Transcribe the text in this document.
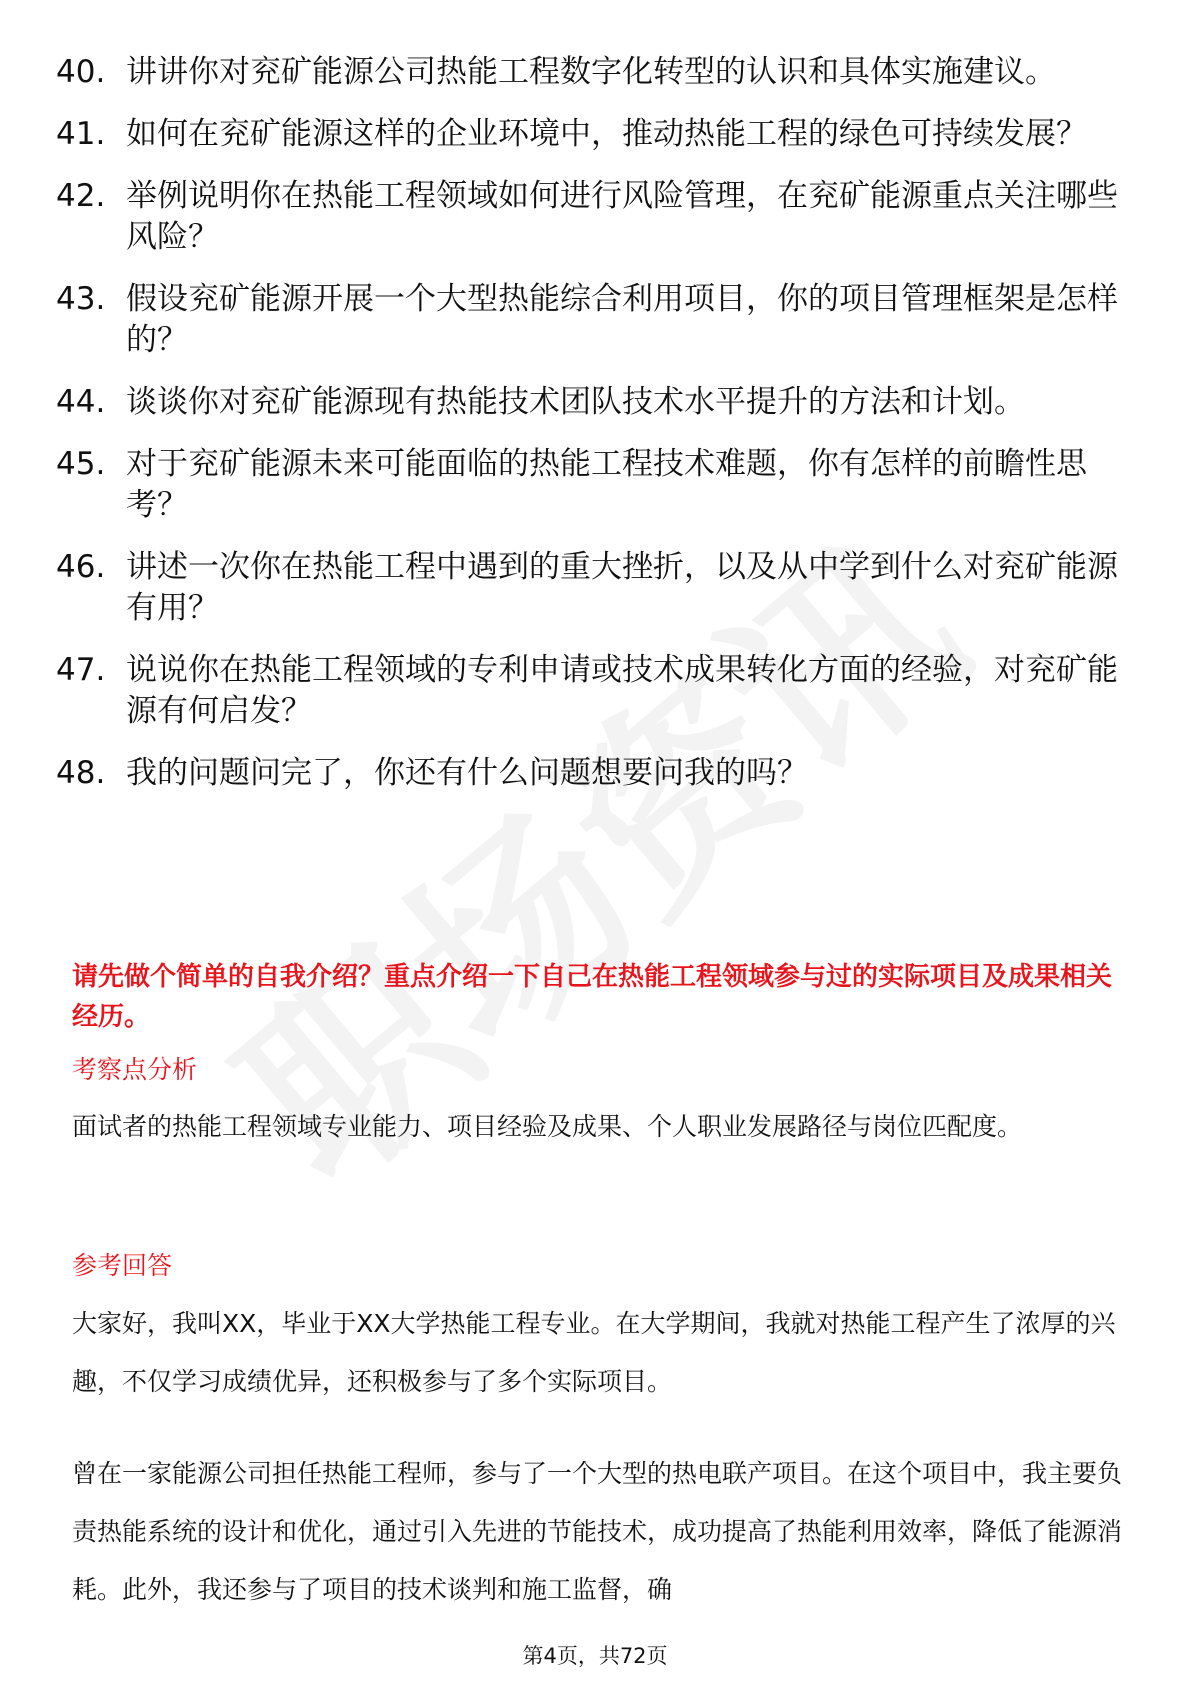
40. 讲讲你对兖矿能源公司热能工程数字化转型的认识和具体实施建议。
41. 如何在兖矿能源这样的企业环境中，推动热能工程的绿色可持续发展？
42. 举例说明你在热能工程领域如何进行风险管理，在兖矿能源重点关注哪些风险？
43. 假设兖矿能源开展一个大型热能综合利用项目，你的项目管理框架是怎样的？
44. 谈谈你对兖矿能源现有热能技术团队技术水平提升的方法和计划。
45. 对于兖矿能源未来可能面临的热能工程技术难题，你有怎样的前瞻性思考？
46. 讲述一次你在热能工程中遇到的重大挫折，以及从中学到什么对兖矿能源有用？
47. 说说你在热能工程领域的专利申请或技术成果转化方面的经验，对兖矿能源有何启发？
48. 我的问题问完了，你还有什么问题想要问我的吗？
请先做个简单的自我介绍？重点介绍一下自己在热能工程领域参与过的实际项目及成果相关经历。
考察点分析
面试者的热能工程领域专业能力、项目经验及成果、个人职业发展路径与岗位匹配度。
参考回答
大家好，我叫XX，毕业于XX大学热能工程专业。在大学期间，我就对热能工程产生了浓厚的兴趣，不仅学习成绩优异，还积极参与了多个实际项目。
曾在一家能源公司担任热能工程师，参与了一个大型的热电联产项目。在这个项目中，我主要负责热能系统的设计和优化，通过引入先进的节能技术，成功提高了热能利用效率，降低了能源消耗。此外，我还参与了项目的技术谈判和施工监督，确
第4页，共72页
